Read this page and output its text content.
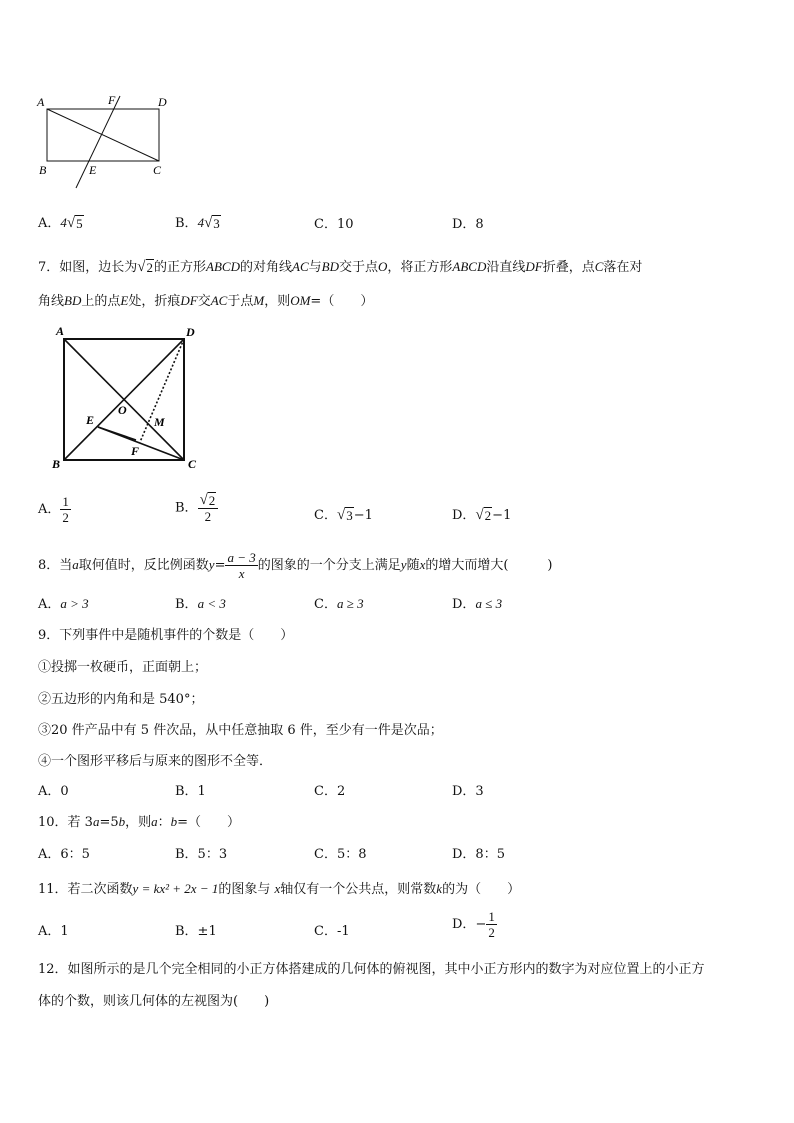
A	F	D
B	E	C
A．4 √ 5	B．4 √ 3	C．10	D．8
7．如图，边长为 √ 2 的正方形ABCD的对角线AC与BD交于点O，将正方形ABCD沿直线DF折叠，点C落在对
角线BD上的点E处，折痕DF交AC于点M，则OM=（　　）
A	D
O
E	M
F
B	C
A． $\frac{1}{2}$	B． $\frac{√ 2}{2}$	C． √ 3 −1	D． √ 2 −1
8．当a取何值时，反比例函数$y= \frac{a - 3}{x}$ 的图象的一个分支上满足y随x的增大而增大(　　　)
A．a > 3	B．a < 3	C．a ≥ 3	D．a ≤ 3
9．下列事件中是随机事件的个数是（　　）
①投掷一枚硬币，正面朝上；
②五边形的内角和是 540°；
③20 件产品中有 5 件次品，从中任意抽取 6 件，至少有一件是次品；
④一个图形平移后与原来的图形不全等．
A．0	B．1	C．2	D．3
10．若 3a=5b，则a：b=（　　）
A．6：5	B．5：3	C．5：8	D．8：5
11．若二次函数y = kx² + 2x − 1的图象与 x轴仅有一个公共点，则常数k的为（　　）
A．1	B．±1	C．-1	D．− $\frac{1}{2}$
12．如图所示的是几个完全相同的小正方体搭建成的几何体的俯视图，其中小正方形内的数字为对应位置上的小正方
体的个数，则该几何体的左视图为(　　)
